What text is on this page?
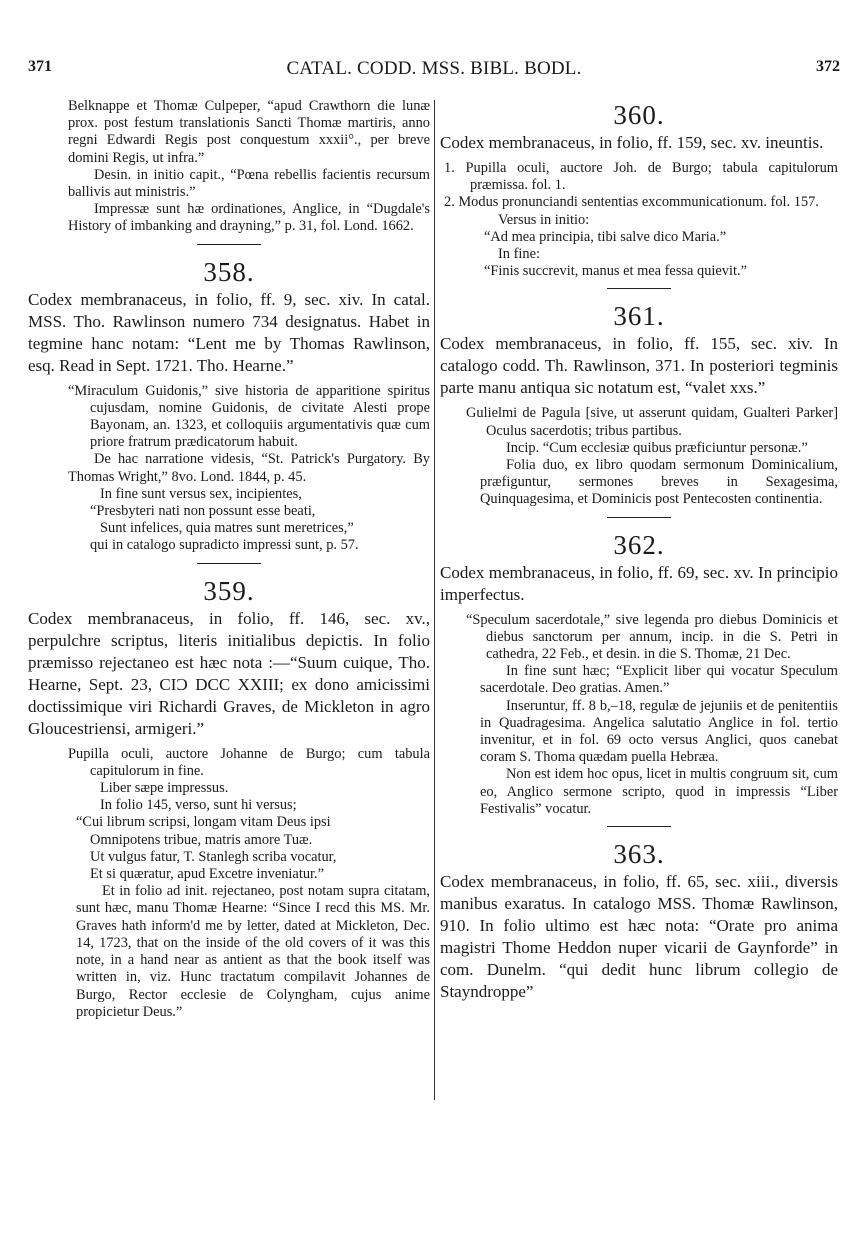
371	CATAL. CODD. MSS. BIBL. BODL.	372

Belknappe et Thomæ Culpeper, “apud Crawthorn die lunæ prox. post festum translationis Sancti Thomæ martiris, anno regni Edwardi Regis post conquestum xxxii°., per breve domini Regis, ut infra.”

Desin. in initio capit., “Pœna rebellis facientis recursum ballivis aut ministris.”

Impressæ sunt hæ ordinationes, Anglice, in “Dugdale's History of imbanking and drayning,” p. 31, fol. Lond. 1662.

358.

Codex membranaceus, in folio, ff. 9, sec. xiv. In catal. MSS. Tho. Rawlinson numero 734 designatus. Habet in tegmine hanc notam: “Lent me by Thomas Rawlinson, esq. Read in Sept. 1721. Tho. Hearne.”

“Miraculum Guidonis,” sive historia de apparitione spiritus cujusdam, nomine Guidonis, de civitate Alesti prope Bayonam, an. 1323, et colloquiis argumentativis quæ cum priore fratrum prædicatorum habuit.

De hac narratione videsis, “St. Patrick's Purgatory. By Thomas Wright,” 8vo. Lond. 1844, p. 45.

In fine sunt versus sex, incipientes,

“Presbyteri nati non possunt esse beati,

Sunt infelices, quia matres sunt meretrices,”

qui in catalogo supradicto impressi sunt, p. 57.

359.

Codex membranaceus, in folio, ff. 146, sec. xv., perpulchre scriptus, literis initialibus depictis. In folio præmisso rejectaneo est hæc nota :—“Suum cuique, Tho. Hearne, Sept. 23, CIƆ DCC XXIII; ex dono amicissimi doctissimique viri Richardi Graves, de Mickleton in agro Gloucestriensi, armigeri.”

Pupilla oculi, auctore Johanne de Burgo; cum tabula capitulorum in fine.

Liber sæpe impressus.

In folio 145, verso, sunt hi versus;

“Cui librum scripsi, longam vitam Deus ipsi

Omnipotens tribue, matris amore Tuæ.

Ut vulgus fatur, T. Stanlegh scriba vocatur,

Et si quæratur, apud Excetre inveniatur.”

Et in folio ad init. rejectaneo, post notam supra citatam, sunt hæc, manu Thomæ Hearne: “Since I recd this MS. Mr. Graves hath inform'd me by letter, dated at Mickleton, Dec. 14, 1723, that on the inside of the old covers of it was this note, in a hand near as antient as that the book itself was written in, viz. Hunc tractatum compilavit Johannes de Burgo, Rector ecclesie de Colyngham, cujus anime propicietur Deus.”

360.

Codex membranaceus, in folio, ff. 159, sec. xv. ineuntis.

1. Pupilla oculi, auctore Joh. de Burgo; tabula capitulorum præmissa. fol. 1.

2. Modus pronunciandi sententias excommunicationum. fol. 157.

Versus in initio:

“Ad mea principia, tibi salve dico Maria.”

In fine:

“Finis succrevit, manus et mea fessa quievit.”

361.

Codex membranaceus, in folio, ff. 155, sec. xiv. In catalogo codd. Th. Rawlinson, 371. In posteriori tegminis parte manu antiqua sic notatum est, “valet xxs.”

Gulielmi de Pagula [sive, ut asserunt quidam, Gualteri Parker] Oculus sacerdotis; tribus partibus.

Incip. “Cum ecclesiæ quibus præficiuntur personæ.”

Folia duo, ex libro quodam sermonum Dominicalium, præfiguntur, sermones breves in Sexagesima, Quinquagesima, et Dominicis post Pentecosten continentia.

362.

Codex membranaceus, in folio, ff. 69, sec. xv. In principio imperfectus.

“Speculum sacerdotale,” sive legenda pro diebus Dominicis et diebus sanctorum per annum, incip. in die S. Petri in cathedra, 22 Feb., et desin. in die S. Thomæ, 21 Dec.

In fine sunt hæc; “Explicit liber qui vocatur Speculum sacerdotale. Deo gratias. Amen.”

Inseruntur, ff. 8 b,–18, regulæ de jejuniis et de penitentiis in Quadragesima. Angelica salutatio Anglice in fol. tertio invenitur, et in fol. 69 octo versus Anglici, quos canebat coram S. Thoma quædam puella Hebræa.

Non est idem hoc opus, licet in multis congruum sit, cum eo, Anglico sermone scripto, quod in impressis “Liber Festivalis” vocatur.

363.

Codex membranaceus, in folio, ff. 65, sec. xiii., diversis manibus exaratus. In catalogo MSS. Thomæ Rawlinson, 910. In folio ultimo est hæc nota: “Orate pro anima magistri Thome Heddon nuper vicarii de Gaynforde” in com. Dunelm. “qui dedit hunc librum collegio de Stayndroppe”
